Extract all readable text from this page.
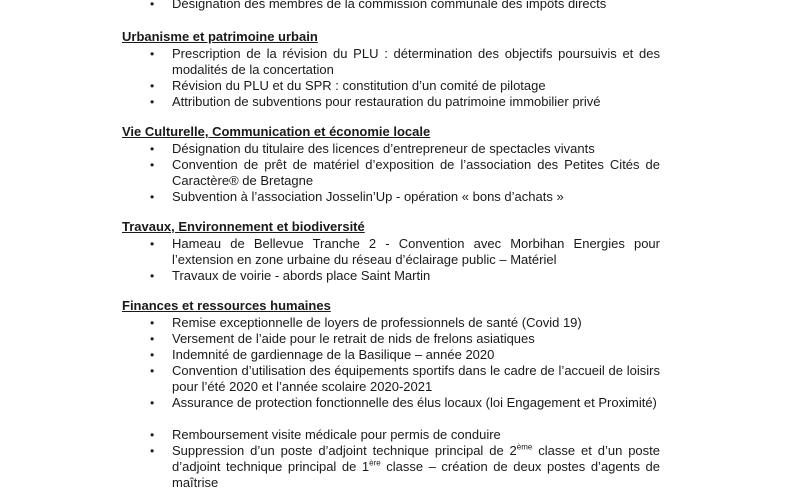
• Désignation des membres de la commission communale des impôts directs
Urbanisme et patrimoine urbain
• Prescription de la révision du PLU : détermination des objectifs poursuivis et des modalités de la concertation
• Révision du PLU et du SPR : constitution d’un comité de pilotage
• Attribution de subventions pour restauration du patrimoine immobilier privé
Vie Culturelle, Communication et économie locale
• Désignation du titulaire des licences d’entrepreneur de spectacles vivants
• Convention de prêt de matériel d’exposition de l’association des Petites Cités de Caractère® de Bretagne
• Subvention à l’association Josselin’Up - opération « bons d’achats »
Travaux, Environnement et biodiversité
• Hameau de Bellevue Tranche 2 - Convention avec Morbihan Energies pour l’extension en zone urbaine du réseau d’éclairage public – Matériel
• Travaux de voirie - abords place Saint Martin
Finances et ressources humaines
• Remise exceptionnelle de loyers de professionnels de santé (Covid 19)
• Versement de l’aide pour le retrait de nids de frelons asiatiques
• Indemnité de gardiennage de la Basilique – année 2020
• Convention d’utilisation des équipements sportifs dans le cadre de l’accueil de loisirs pour l’été 2020 et l’année scolaire 2020-2021
• Assurance de protection fonctionnelle des élus locaux (loi Engagement et Proximité)
• Remboursement visite médicale pour permis de conduire
• Suppression d’un poste d’adjoint technique principal de 2ème classe et d’un poste d’adjoint technique principal de 1ère classe – création de deux postes d’agents de maîtrise
